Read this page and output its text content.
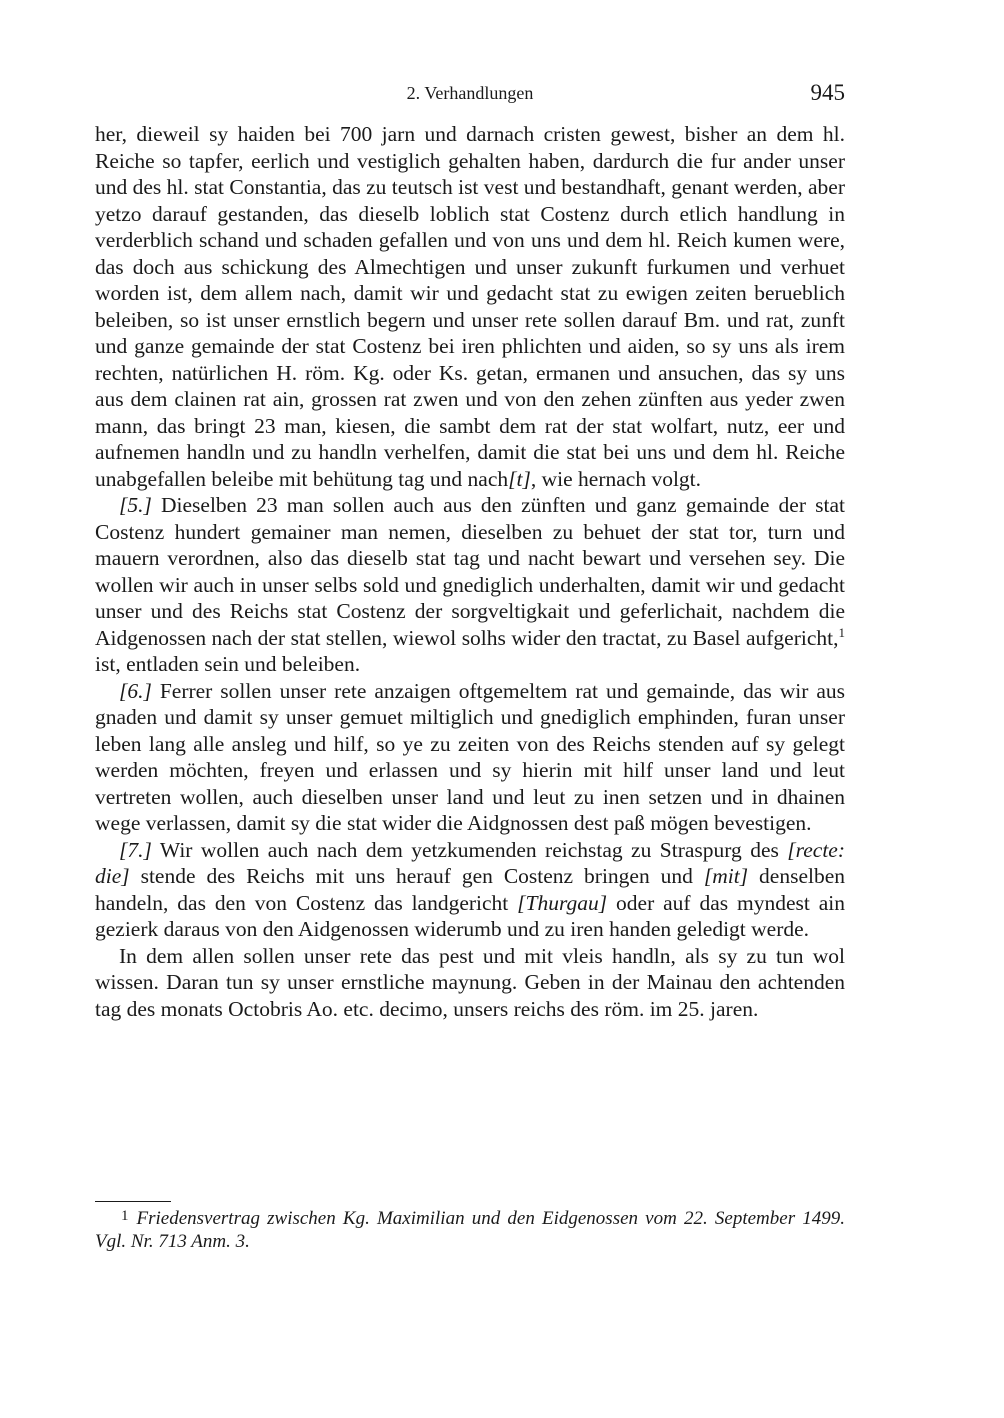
2. Verhandlungen	945

her, dieweil sy haiden bei 700 jarn und darnach cristen gewest, bisher an dem hl. Reiche so tapfer, eerlich und vestiglich gehalten haben, dardurch die fur ander unser und des hl. stat Constantia, das zu teutsch ist vest und bestandhaft, genant werden, aber yetzo darauf gestanden, das dieselb loblich stat Costenz durch etlich handlung in verderblich schand und schaden gefallen und von uns und dem hl. Reich kumen were, das doch aus schickung des Almechtigen und unser zukunft furkumen und verhuet worden ist, dem allem nach, damit wir und gedacht stat zu ewigen zeiten berueblich beleiben, so ist unser ernstlich begern und unser rete sollen darauf Bm. und rat, zunft und ganze gemainde der stat Costenz bei iren phlichten und aiden, so sy uns als irem rechten, natürlichen H. röm. Kg. oder Ks. getan, ermanen und ansuchen, das sy uns aus dem clainen rat ain, grossen rat zwen und von den zehen zünften aus yeder zwen mann, das bringt 23 man, kiesen, die sambt dem rat der stat wolfart, nutz, eer und aufnemen handln und zu handln verhelfen, damit die stat bei uns und dem hl. Reiche unabgefallen beleibe mit behütung tag und nach[t], wie hernach volgt.

[5.] Dieselben 23 man sollen auch aus den zünften und ganz gemainde der stat Costenz hundert gemainer man nemen, dieselben zu behuet der stat tor, turn und mauern verordnen, also das dieselb stat tag und nacht bewart und versehen sey. Die wollen wir auch in unser selbs sold und gnediglich underhalten, damit wir und gedacht unser und des Reichs stat Costenz der sorgveltigkait und geferlichait, nachdem die Aidgenossen nach der stat stellen, wiewol solhs wider den tractat, zu Basel aufgericht,$^1$ ist, entladen sein und beleiben.

[6.] Ferrer sollen unser rete anzaigen oftgemeltem rat und gemainde, das wir aus gnaden und damit sy unser gemuet miltiglich und gnediglich emphinden, furan unser leben lang alle ansleg und hilf, so ye zu zeiten von des Reichs stenden auf sy gelegt werden möchten, freyen und erlassen und sy hierin mit hilf unser land und leut vertreten wollen, auch dieselben unser land und leut zu inen setzen und in dhainen wege verlassen, damit sy die stat wider die Aidgnossen dest paß mögen bevestigen.

[7.] Wir wollen auch nach dem yetzkumenden reichstag zu Straspurg des [recte: die] stende des Reichs mit uns herauf gen Costenz bringen und [mit] denselben handeln, das den von Costenz das landgericht [Thurgau] oder auf das myndest ain gezierk daraus von den Aidgenossen widerumb und zu iren handen geledigt werde.

In dem allen sollen unser rete das pest und mit vleis handln, als sy zu tun wol wissen. Daran tun sy unser ernstliche maynung. Geben in der Mainau den achtenden tag des monats Octobris Ao. etc. decimo, unsers reichs des röm. im 25. jaren.

$^1$ Friedensvertrag zwischen Kg. Maximilian und den Eidgenossen vom 22. September 1499. Vgl. Nr. 713 Anm. 3.
